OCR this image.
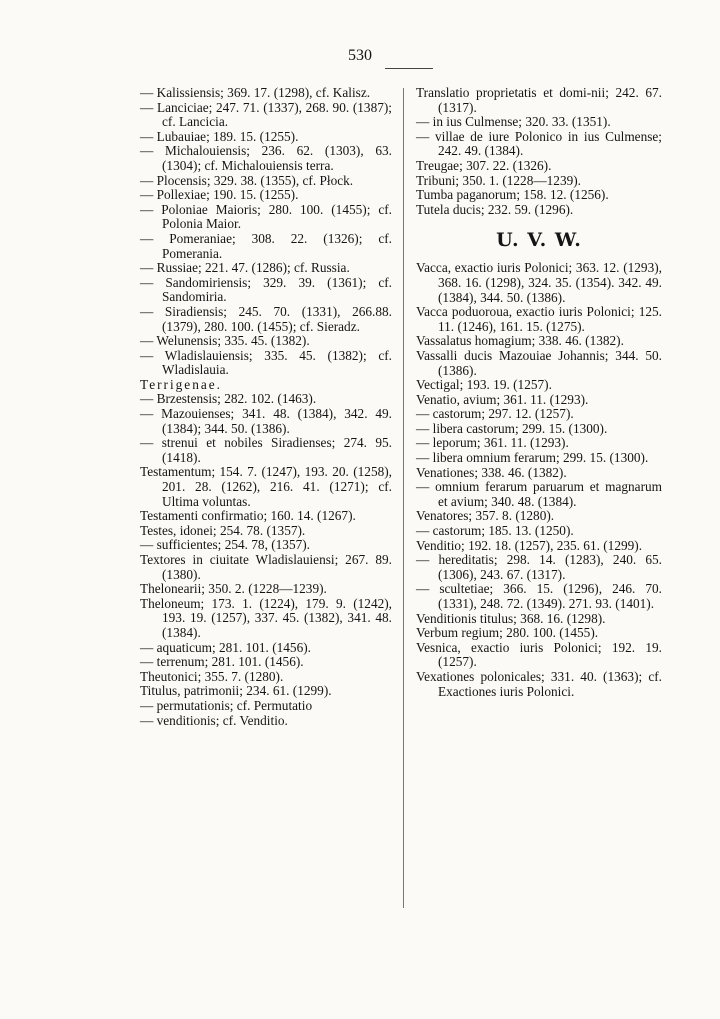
530

— Kalissiensis; 369. 17. (1298), cf. Kalisz.

— Lanciciae; 247. 71. (1337), 268. 90. (1387); cf. Lancicia.

— Lubauiae; 189. 15. (1255).

— Michalouiensis; 236. 62. (1303), 63. (1304); cf. Michalouiensis terra.

— Plocensis; 329. 38. (1355), cf. Płock.

— Pollexiae; 190. 15. (1255).

— Poloniae Maioris; 280. 100. (1455); cf. Polonia Maior.

— Pomeraniae; 308. 22. (1326); cf. Pomerania.

— Russiae; 221. 47. (1286); cf. Russia.

— Sandomiriensis; 329. 39. (1361); cf. Sandomiria.

— Siradiensis; 245. 70. (1331), 266.88. (1379), 280. 100. (1455); cf. Sieradz.

— Welunensis; 335. 45. (1382).

— Wladislauiensis; 335. 45. (1382); cf. Wladislauia.

Terrigenae.

— Brzestensis; 282. 102. (1463).

— Mazouienses; 341. 48. (1384), 342. 49. (1384); 344. 50. (1386).

— strenui et nobiles Siradienses; 274. 95. (1418).

Testamentum; 154. 7. (1247), 193. 20. (1258), 201. 28. (1262), 216. 41. (1271); cf. Ultima voluntas.

Testamenti confirmatio; 160. 14. (1267).

Testes, idonei; 254. 78. (1357).

— sufficientes; 254. 78, (1357).

Textores in ciuitate Wladislauiensi; 267. 89. (1380).

Thelonearii; 350. 2. (1228—1239).

Theloneum; 173. 1. (1224), 179. 9. (1242), 193. 19. (1257), 337. 45. (1382), 341. 48. (1384).

— aquaticum; 281. 101. (1456).

— terrenum; 281. 101. (1456).

Theutonici; 355. 7. (1280).

Titulus, patrimonii; 234. 61. (1299).

— permutationis; cf. Permutatio

— venditionis; cf. Venditio.

Translatio proprietatis et domi-nii; 242. 67. (1317).

— in ius Culmense; 320. 33. (1351).

— villae de iure Polonico in ius Culmense; 242. 49. (1384).

Treugae; 307. 22. (1326).

Tribuni; 350. 1. (1228—1239).

Tumba paganorum; 158. 12. (1256).

Tutela ducis; 232. 59. (1296).

U. V. W.

Vacca, exactio iuris Polonici; 363. 12. (1293), 368. 16. (1298), 324. 35. (1354). 342. 49. (1384), 344. 50. (1386).

Vacca poduoroua, exactio iuris Polonici; 125. 11. (1246), 161. 15. (1275).

Vassalatus homagium; 338. 46. (1382).

Vassalli ducis Mazouiae Johannis; 344. 50. (1386).

Vectigal; 193. 19. (1257).

Venatio, avium; 361. 11. (1293).

— castorum; 297. 12. (1257).

— libera castorum; 299. 15. (1300).

— leporum; 361. 11. (1293).

— libera omnium ferarum; 299. 15. (1300).

Venationes; 338. 46. (1382).

— omnium ferarum paruarum et magnarum et avium; 340. 48. (1384).

Venatores; 357. 8. (1280).

— castorum; 185. 13. (1250).

Venditio; 192. 18. (1257), 235. 61. (1299).

— hereditatis; 298. 14. (1283), 240. 65. (1306), 243. 67. (1317).

— scultetiae; 366. 15. (1296), 246. 70. (1331), 248. 72. (1349). 271. 93. (1401).

Venditionis titulus; 368. 16. (1298).

Verbum regium; 280. 100. (1455).

Vesnica, exactio iuris Polonici; 192. 19. (1257).

Vexationes polonicales; 331. 40. (1363); cf. Exactiones iuris Polonici.
